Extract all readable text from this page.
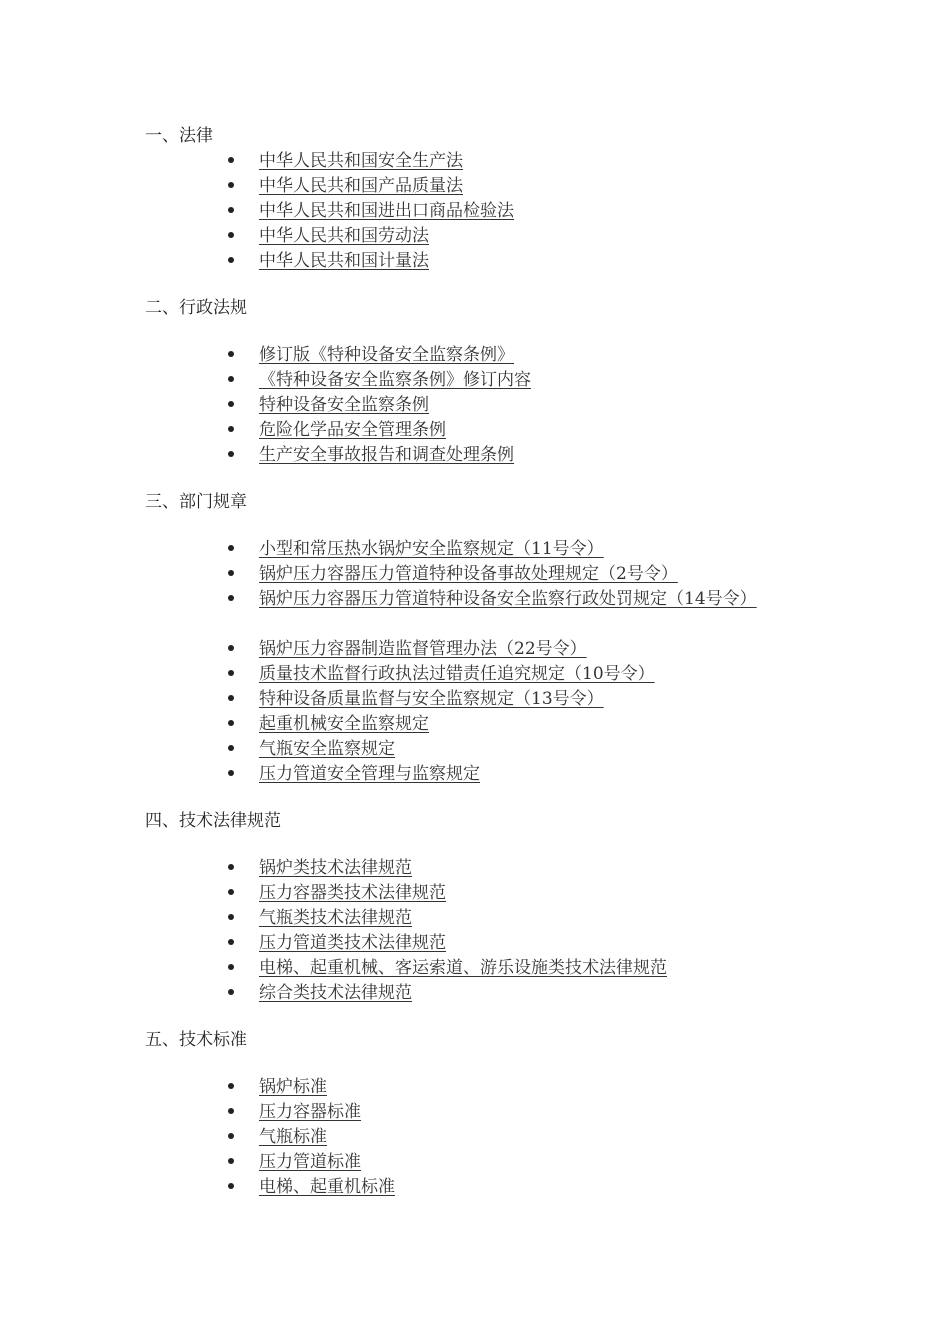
一、法律
中华人民共和国安全生产法
中华人民共和国产品质量法
中华人民共和国进出口商品检验法
中华人民共和国劳动法
中华人民共和国计量法
二、行政法规
修订版《特种设备安全监察条例》
《特种设备安全监察条例》修订内容
特种设备安全监察条例
危险化学品安全管理条例
生产安全事故报告和调查处理条例
三、部门规章
小型和常压热水锅炉安全监察规定（11号令）
锅炉压力容器压力管道特种设备事故处理规定（2号令）
锅炉压力容器压力管道特种设备安全监察行政处罚规定（14号令）
锅炉压力容器制造监督管理办法（22号令）
质量技术监督行政执法过错责任追究规定（10号令）
特种设备质量监督与安全监察规定（13号令）
起重机械安全监察规定
气瓶安全监察规定
压力管道安全管理与监察规定
四、技术法律规范
锅炉类技术法律规范
压力容器类技术法律规范
气瓶类技术法律规范
压力管道类技术法律规范
电梯、起重机械、客运索道、游乐设施类技术法律规范
综合类技术法律规范
五、技术标准
锅炉标准
压力容器标准
气瓶标准
压力管道标准
电梯、起重机标准
